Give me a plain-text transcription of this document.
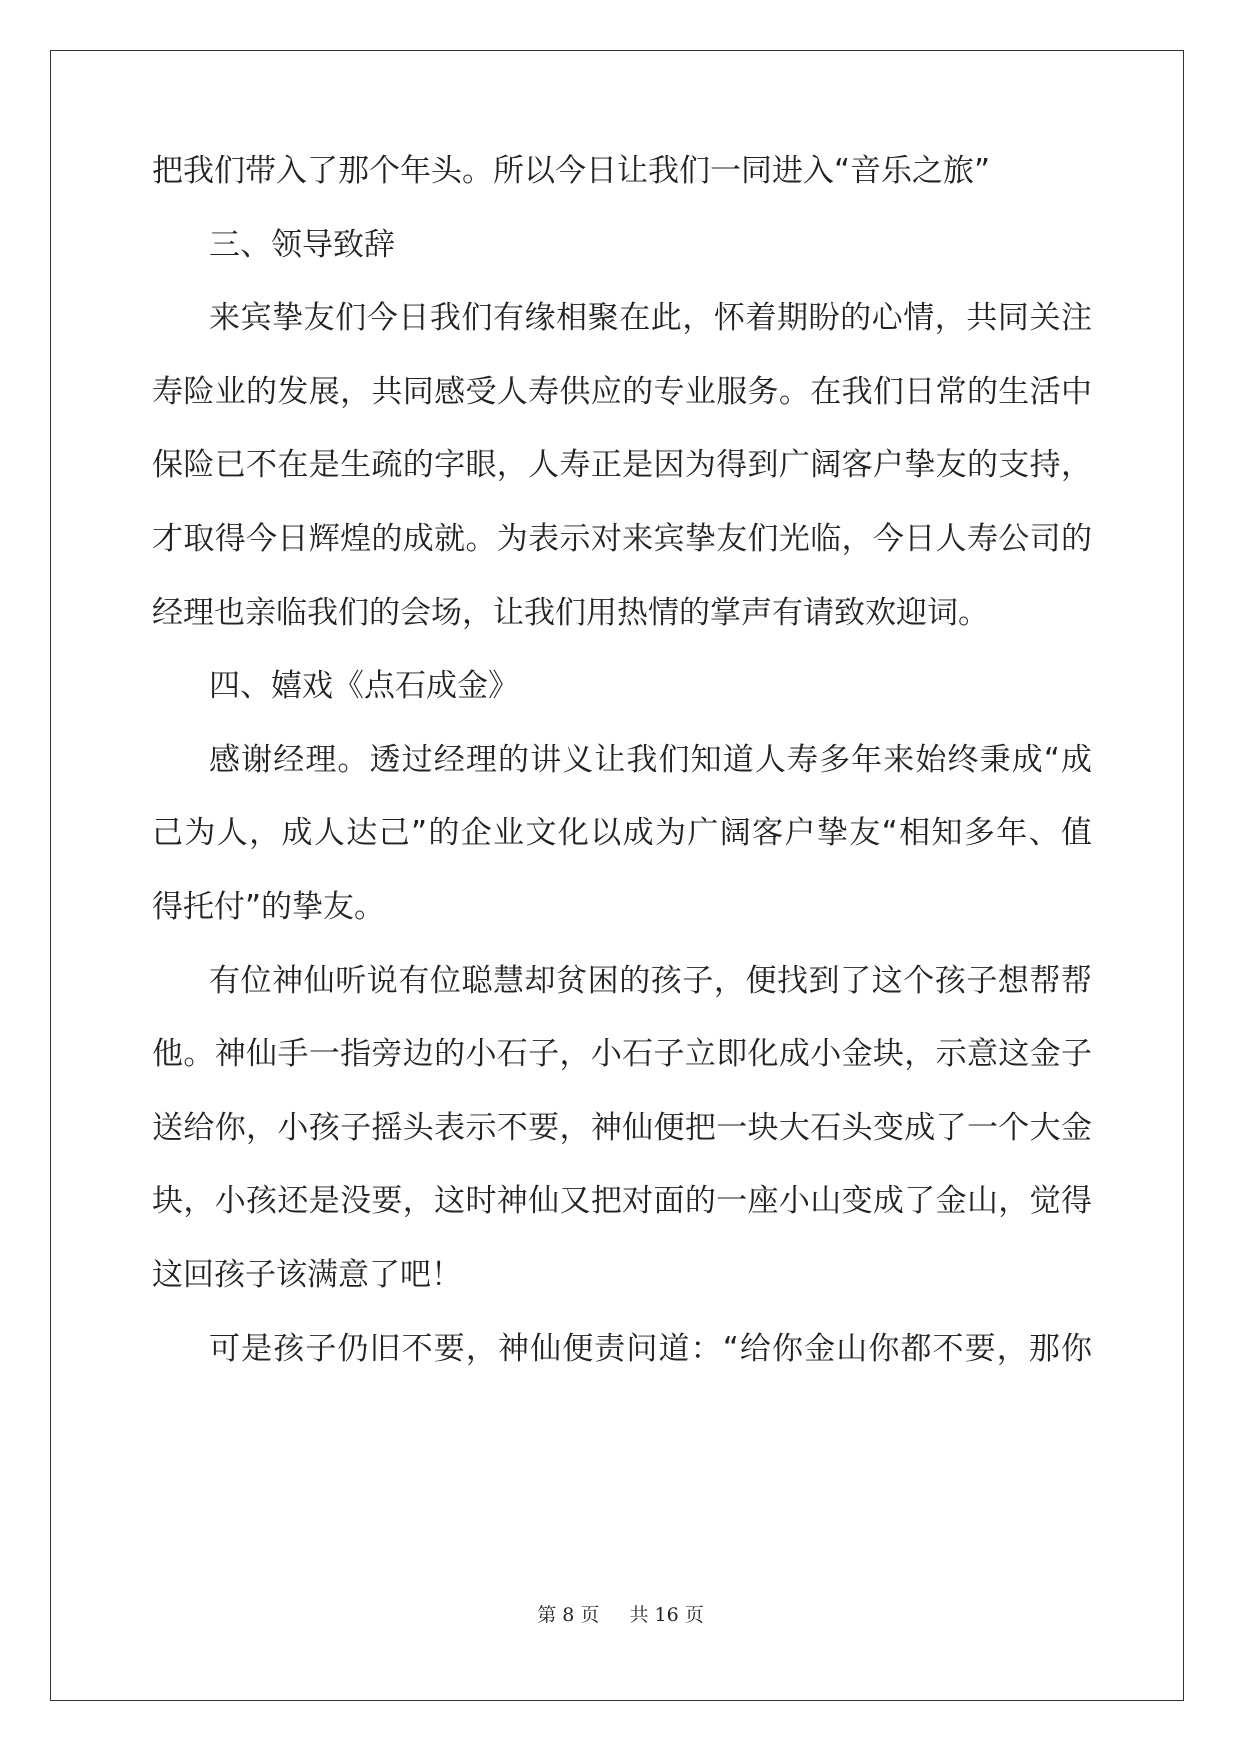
把我们带入了那个年头。所以今日让我们一同进入“音乐之旅”
三、领导致辞
来宾挚友们今日我们有缘相聚在此，怀着期盼的心情，共同关注
寿险业的发展，共同感受人寿供应的专业服务。在我们日常的生活中
保险已不在是生疏的字眼，人寿正是因为得到广阔客户挚友的支持，
才取得今日辉煌的成就。为表示对来宾挚友们光临，今日人寿公司的
经理也亲临我们的会场，让我们用热情的掌声有请致欢迎词。
四、嬉戏《点石成金》
感谢经理。透过经理的讲义让我们知道人寿多年来始终秉成“成
己为人，成人达己”的企业文化以成为广阔客户挚友“相知多年、值
得托付”的挚友。
有位神仙听说有位聪慧却贫困的孩子，便找到了这个孩子想帮帮
他。神仙手一指旁边的小石子，小石子立即化成小金块，示意这金子
送给你，小孩子摇头表示不要，神仙便把一块大石头变成了一个大金
块，小孩还是没要，这时神仙又把对面的一座小山变成了金山，觉得
这回孩子该满意了吧！
可是孩子仍旧不要，神仙便责问道：“给你金山你都不要，那你
第 8 页 共 16 页
